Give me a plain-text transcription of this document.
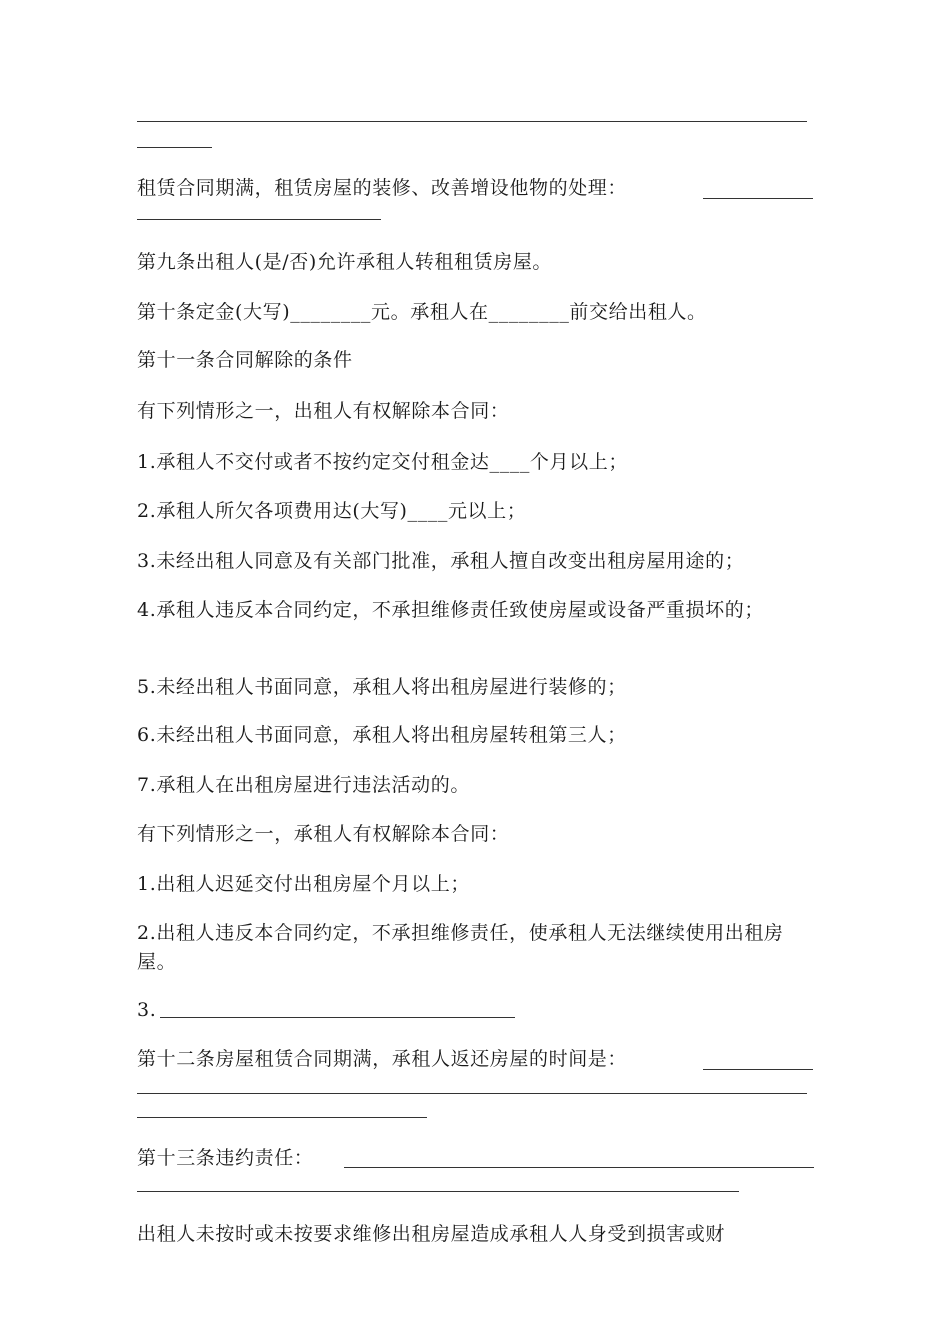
租赁合同期满，租赁房屋的装修、改善增设他物的处理：

第九条出租人(是/否)允许承租人转租租赁房屋。

第十条定金(大写)________元。承租人在________前交给出租人。

第十一条合同解除的条件

有下列情形之一，出租人有权解除本合同：

1.承租人不交付或者不按约定交付租金达____个月以上；

2.承租人所欠各项费用达(大写)____元以上；

3.未经出租人同意及有关部门批准，承租人擅自改变出租房屋用途的；

4.承租人违反本合同约定，不承担维修责任致使房屋或设备严重损坏的；

5.未经出租人书面同意，承租人将出租房屋进行装修的；

6.未经出租人书面同意，承租人将出租房屋转租第三人；

7.承租人在出租房屋进行违法活动的。

有下列情形之一，承租人有权解除本合同：

1.出租人迟延交付出租房屋个月以上；

2.出租人违反本合同约定，不承担维修责任，使承租人无法继续使用出租房屋。

3.

第十二条房屋租赁合同期满，承租人返还房屋的时间是：

第十三条违约责任：

出租人未按时或未按要求维修出租房屋造成承租人人身受到损害或财
